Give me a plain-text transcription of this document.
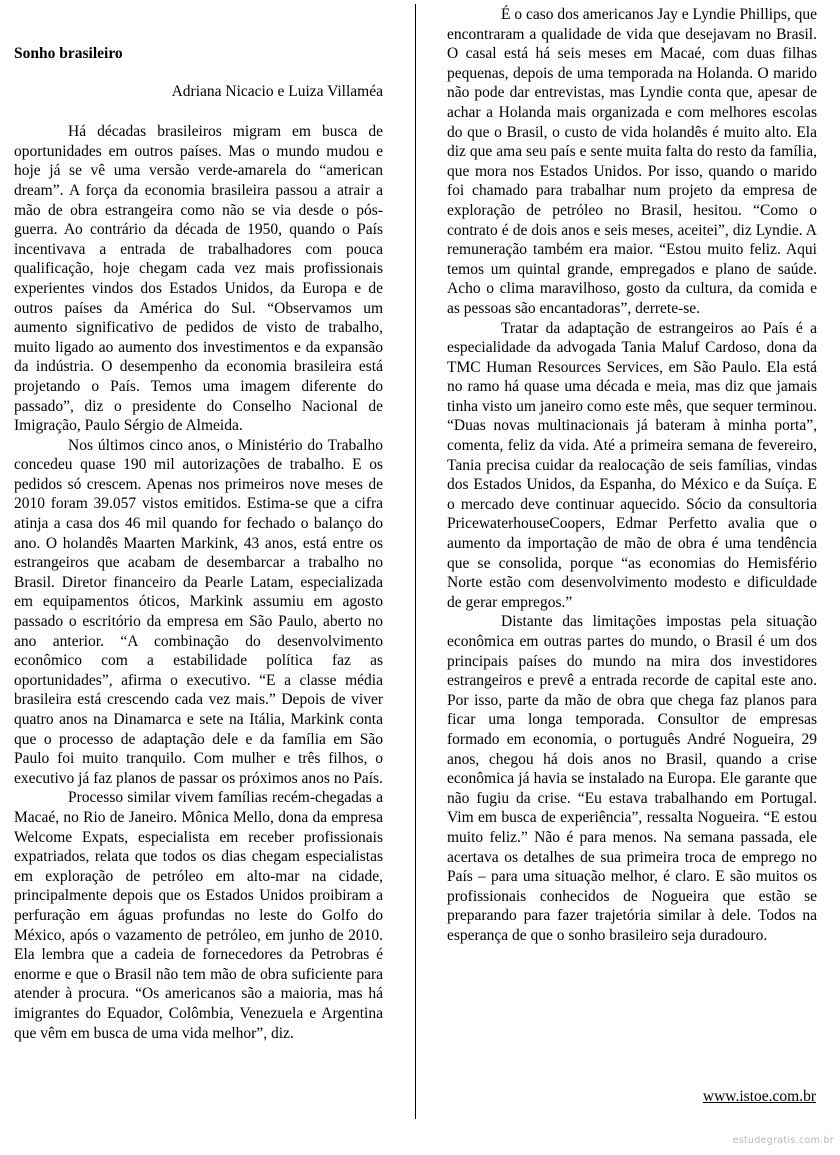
Sonho brasileiro
Adriana Nicacio e Luiza Villaméa

Há décadas brasileiros migram em busca de oportunidades em outros países. Mas o mundo mudou e hoje já se vê uma versão verde-amarela do “american dream”. A força da economia brasileira passou a atrair a mão de obra estrangeira como não se via desde o pós-guerra. Ao contrário da década de 1950, quando o País incentivava a entrada de trabalhadores com pouca qualificação, hoje chegam cada vez mais profissionais experientes vindos dos Estados Unidos, da Europa e de outros países da América do Sul. “Observamos um aumento significativo de pedidos de visto de trabalho, muito ligado ao aumento dos investimentos e da expansão da indústria. O desempenho da economia brasileira está projetando o País. Temos uma imagem diferente do passado”, diz o presidente do Conselho Nacional de Imigração, Paulo Sérgio de Almeida.

Nos últimos cinco anos, o Ministério do Trabalho concedeu quase 190 mil autorizações de trabalho. E os pedidos só crescem. Apenas nos primeiros nove meses de 2010 foram 39.057 vistos emitidos. Estima-se que a cifra atinja a casa dos 46 mil quando for fechado o balanço do ano. O holandês Maarten Markink, 43 anos, está entre os estrangeiros que acabam de desembarcar a trabalho no Brasil. Diretor financeiro da Pearle Latam, especializada em equipamentos óticos, Markink assumiu em agosto passado o escritório da empresa em São Paulo, aberto no ano anterior. “A combinação do desenvolvimento econômico com a estabilidade política faz as oportunidades”, afirma o executivo. “E a classe média brasileira está crescendo cada vez mais.” Depois de viver quatro anos na Dinamarca e sete na Itália, Markink conta que o processo de adaptação dele e da família em São Paulo foi muito tranquilo. Com mulher e três filhos, o executivo já faz planos de passar os próximos anos no País.

Processo similar vivem famílias recém-chegadas a Macaé, no Rio de Janeiro. Mônica Mello, dona da empresa Welcome Expats, especialista em receber profissionais expatriados, relata que todos os dias chegam especialistas em exploração de petróleo em alto-mar na cidade, principalmente depois que os Estados Unidos proibiram a perfuração em águas profundas no leste do Golfo do México, após o vazamento de petróleo, em junho de 2010. Ela lembra que a cadeia de fornecedores da Petrobras é enorme e que o Brasil não tem mão de obra suficiente para atender à procura. “Os americanos são a maioria, mas há imigrantes do Equador, Colômbia, Venezuela e Argentina que vêm em busca de uma vida melhor”, diz.

É o caso dos americanos Jay e Lyndie Phillips, que encontraram a qualidade de vida que desejavam no Brasil. O casal está há seis meses em Macaé, com duas filhas pequenas, depois de uma temporada na Holanda. O marido não pode dar entrevistas, mas Lyndie conta que, apesar de achar a Holanda mais organizada e com melhores escolas do que o Brasil, o custo de vida holandês é muito alto. Ela diz que ama seu país e sente muita falta do resto da família, que mora nos Estados Unidos. Por isso, quando o marido foi chamado para trabalhar num projeto da empresa de exploração de petróleo no Brasil, hesitou. “Como o contrato é de dois anos e seis meses, aceitei”, diz Lyndie. A remuneração também era maior. “Estou muito feliz. Aqui temos um quintal grande, empregados e plano de saúde. Acho o clima maravilhoso, gosto da cultura, da comida e as pessoas são encantadoras”, derrete-se.

Tratar da adaptação de estrangeiros ao País é a especialidade da advogada Tania Maluf Cardoso, dona da TMC Human Resources Services, em São Paulo. Ela está no ramo há quase uma década e meia, mas diz que jamais tinha visto um janeiro como este mês, que sequer terminou. “Duas novas multinacionais já bateram à minha porta”, comenta, feliz da vida. Até a primeira semana de fevereiro, Tania precisa cuidar da realocação de seis famílias, vindas dos Estados Unidos, da Espanha, do México e da Suíça. E o mercado deve continuar aquecido. Sócio da consultoria PricewaterhouseCoopers, Edmar Perfetto avalia que o aumento da importação de mão de obra é uma tendência que se consolida, porque “as economias do Hemisfério Norte estão com desenvolvimento modesto e dificuldade de gerar empregos.”

Distante das limitações impostas pela situação econômica em outras partes do mundo, o Brasil é um dos principais países do mundo na mira dos investidores estrangeiros e prevê a entrada recorde de capital este ano. Por isso, parte da mão de obra que chega faz planos para ficar uma longa temporada. Consultor de empresas formado em economia, o português André Nogueira, 29 anos, chegou há dois anos no Brasil, quando a crise econômica já havia se instalado na Europa. Ele garante que não fugiu da crise. “Eu estava trabalhando em Portugal. Vim em busca de experiência”, ressalta Nogueira. “E estou muito feliz.” Não é para menos. Na semana passada, ele acertava os detalhes de sua primeira troca de emprego no País – para uma situação melhor, é claro. E são muitos os profissionais conhecidos de Nogueira que estão se preparando para fazer trajetória similar à dele. Todos na esperança de que o sonho brasileiro seja duradouro.

www.istoe.com.br
estudegratis.com.br
